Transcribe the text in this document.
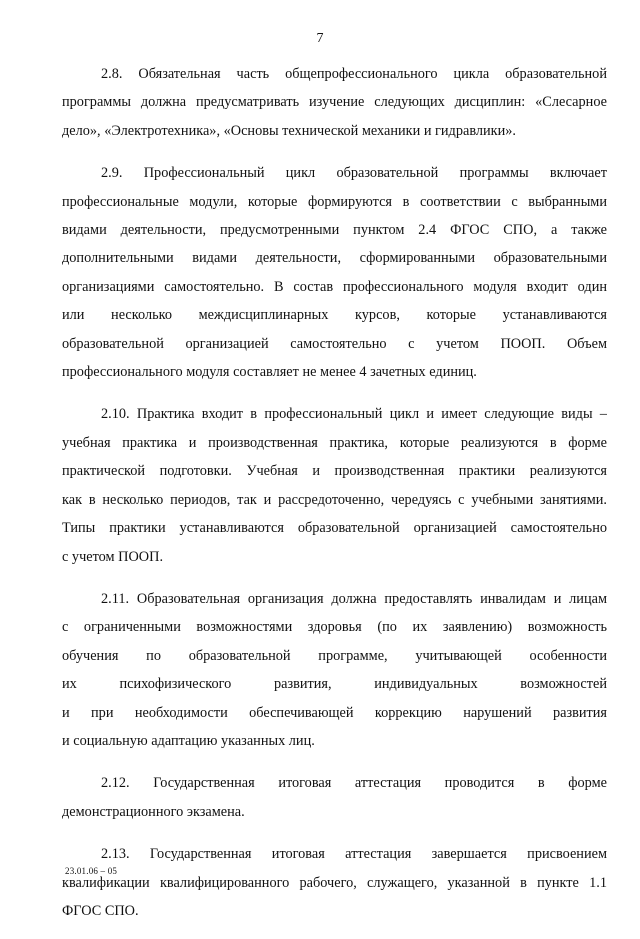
7

2.8. Обязательная часть общепрофессионального цикла образовательной
программы должна предусматривать изучение следующих дисциплин: «Слесарное
дело», «Электротехника», «Основы технической механики и гидравлики».

2.9. Профессиональный цикл образовательной программы включает
профессиональные модули, которые формируются в соответствии с выбранными
видами деятельности, предусмотренными пунктом 2.4 ФГОС СПО, а также
дополнительными видами деятельности, сформированными образовательными
организациями самостоятельно. В состав профессионального модуля входит один
или несколько междисциплинарных курсов, которые устанавливаются
образовательной организацией самостоятельно с учетом ПООП. Объем
профессионального модуля составляет не менее 4 зачетных единиц.

2.10. Практика входит в профессиональный цикл и имеет следующие виды –
учебная практика и производственная практика, которые реализуются в форме
практической подготовки. Учебная и производственная практики реализуются
как в несколько периодов, так и рассредоточенно, чередуясь с учебными занятиями.
Типы практики устанавливаются образовательной организацией самостоятельно
с учетом ПООП.

2.11. Образовательная организация должна предоставлять инвалидам и лицам
с ограниченными возможностями здоровья (по их заявлению) возможность
обучения по образовательной программе, учитывающей особенности
их психофизического развития, индивидуальных возможностей
и при необходимости обеспечивающей коррекцию нарушений развития
и социальную адаптацию указанных лиц.

2.12. Государственная итоговая аттестация проводится в форме
демонстрационного экзамена.

2.13. Государственная итоговая аттестация завершается присвоением
квалификации квалифицированного рабочего, служащего, указанной в пункте 1.1
ФГОС СПО.

23.01.06 – 05
